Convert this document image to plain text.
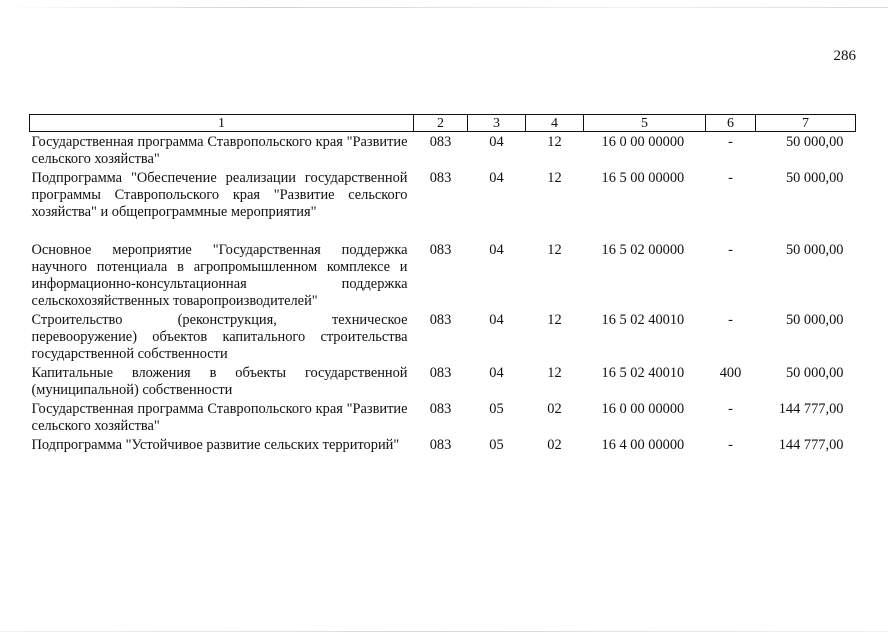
286
1	2	3	4	5	6	7
Государственная программа Ставропольского края "Развитие сельского хозяйства"	083	04	12	16 0 00 00000	-	50 000,00
Подпрограмма "Обеспечение реализации государственной программы Ставропольского края "Развитие сельского хозяйства" и общепрограммные мероприятия"	083	04	12	16 5 00 00000	-	50 000,00

Основное мероприятие "Государственная поддержка научного потенциала в агропромышленном комплексе и информационно-консультационная поддержка сельскохозяйственных товаропроизводителей"	083	04	12	16 5 02 00000	-	50 000,00
Строительство (реконструкция, техническое перевооружение) объектов капитального строительства государственной собственности	083	04	12	16 5 02 40010	-	50 000,00
Капитальные вложения в объекты государственной (муниципальной) собственности	083	04	12	16 5 02 40010	400	50 000,00
Государственная программа Ставропольского края "Развитие сельского хозяйства"	083	05	02	16 0 00 00000	-	144 777,00
Подпрограмма "Устойчивое развитие сельских территорий"	083	05	02	16 4 00 00000	-	144 777,00
